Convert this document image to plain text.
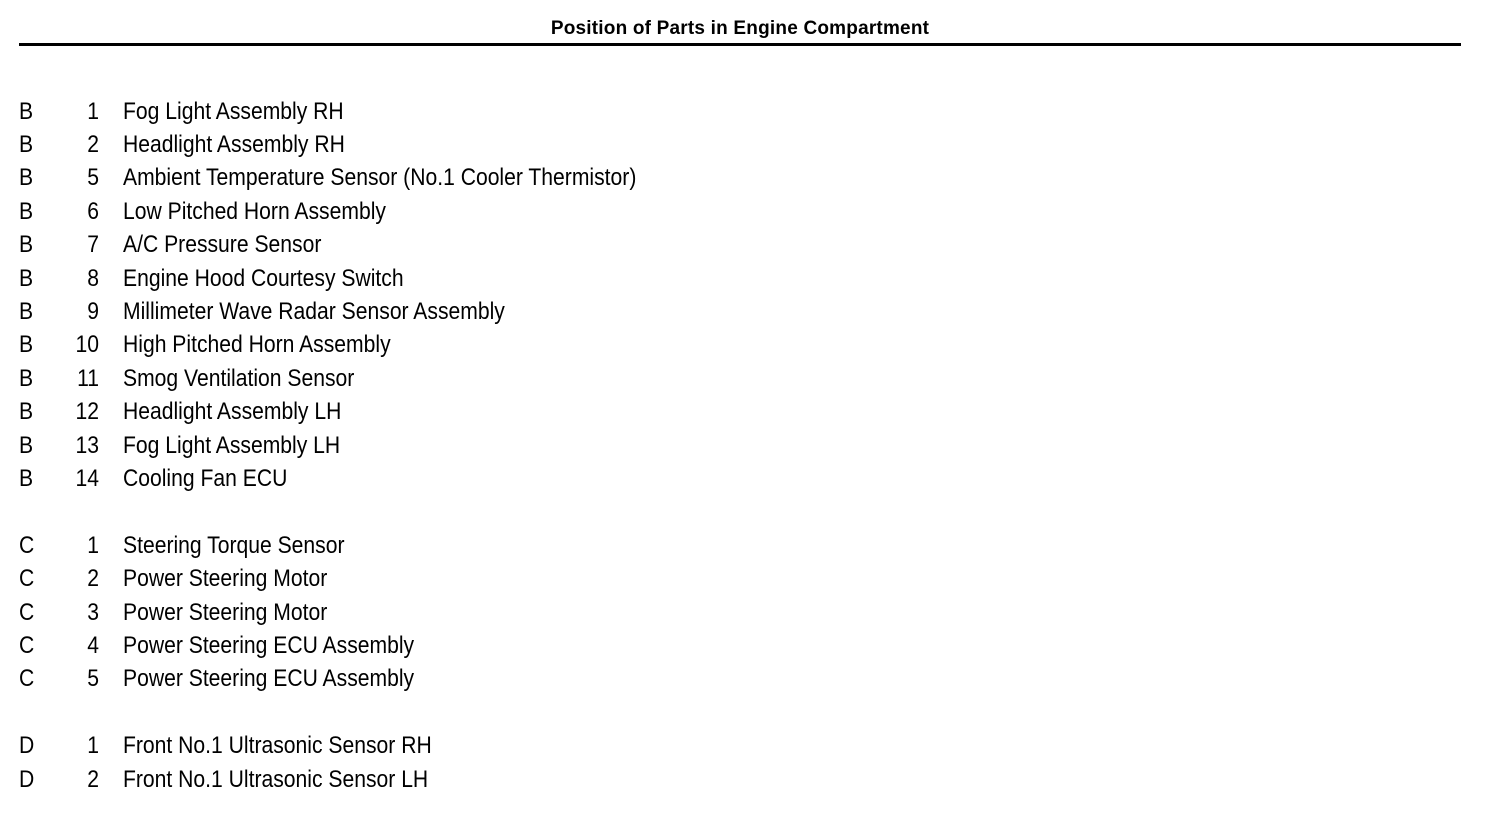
Position of Parts in Engine Compartment
B	1 Fog Light Assembly RH
B	2 Headlight Assembly RH
B	5 Ambient Temperature Sensor (No.1 Cooler Thermistor)
B	6 Low Pitched Horn Assembly
B	7 A/C Pressure Sensor
B	8 Engine Hood Courtesy Switch
B	9 Millimeter Wave Radar Sensor Assembly
B	10 High Pitched Horn Assembly
B	11 Smog Ventilation Sensor
B	12 Headlight Assembly LH
B	13 Fog Light Assembly LH
B	14 Cooling Fan ECU
C	1 Steering Torque Sensor
C	2 Power Steering Motor
C	3 Power Steering Motor
C	4 Power Steering ECU Assembly
C	5 Power Steering ECU Assembly
D	1 Front No.1 Ultrasonic Sensor RH
D	2 Front No.1 Ultrasonic Sensor LH
